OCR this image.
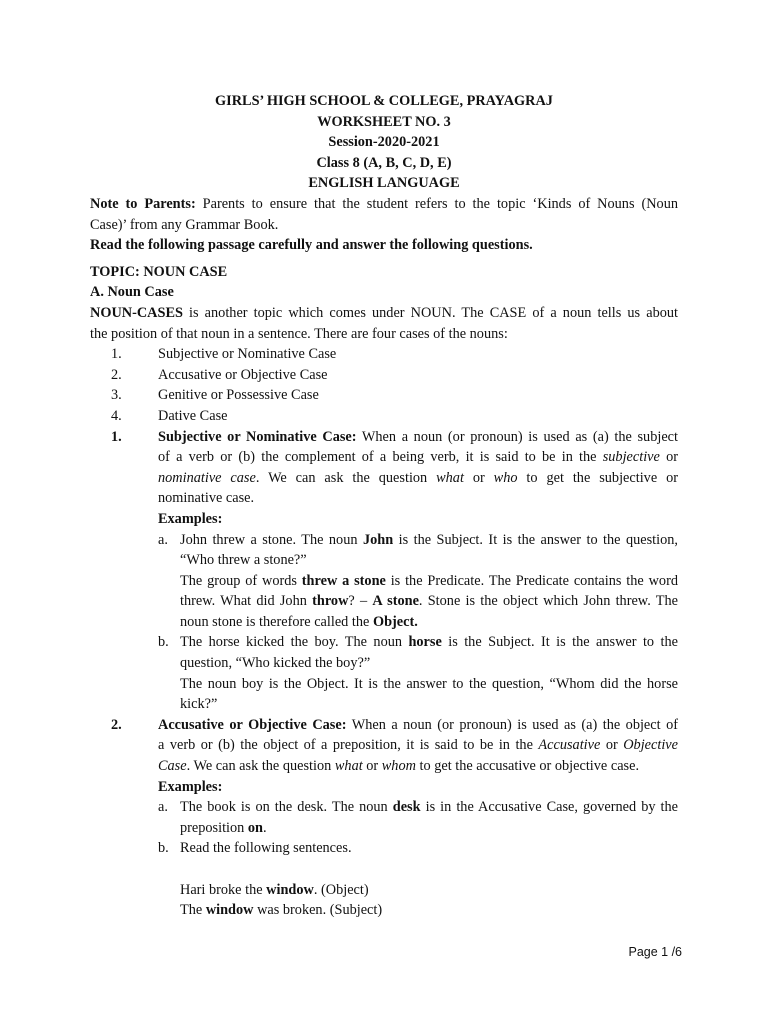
GIRLS’ HIGH SCHOOL & COLLEGE, PRAYAGRAJ
WORKSHEET NO. 3
Session-2020-2021
Class 8 (A, B, C, D, E)
ENGLISH LANGUAGE
Note to Parents: Parents to ensure that the student refers to the topic ‘Kinds of Nouns (Noun
Case)’ from any Grammar Book.
Read the following passage carefully and answer the following questions.
TOPIC: NOUN CASE
A. Noun Case
NOUN-CASES is another topic which comes under NOUN. The CASE of a noun tells us about
the position of that noun in a sentence. There are four cases of the nouns:
1.	Subjective or Nominative Case
2.	Accusative or Objective Case
3.	Genitive or Possessive Case
4.	Dative Case
1.	Subjective or Nominative Case: When a noun (or pronoun) is used as (a) the subject
of a verb or (b) the complement of a being verb, it is said to be in the subjective or
nominative case. We can ask the question what or who to get the subjective or
nominative case.
Examples:
a. John threw a stone. The noun John is the Subject. It is the answer to the question,
“Who threw a stone?”
The group of words threw a stone is the Predicate. The Predicate contains the word
threw. What did John throw? – A stone. Stone is the object which John threw. The
noun stone is therefore called the Object.
b. The horse kicked the boy. The noun horse is the Subject. It is the answer to the
question, “Who kicked the boy?”
The noun boy is the Object. It is the answer to the question, “Whom did the horse
kick?”
2.	Accusative or Objective Case: When a noun (or pronoun) is used as (a) the object of
a verb or (b) the object of a preposition, it is said to be in the Accusative or Objective
Case. We can ask the question what or whom to get the accusative or objective case.
Examples:
a. The book is on the desk. The noun desk is in the Accusative Case, governed by the
preposition on.
b. Read the following sentences.
Hari broke the window. (Object)
The window was broken. (Subject)
Page 1 /6
